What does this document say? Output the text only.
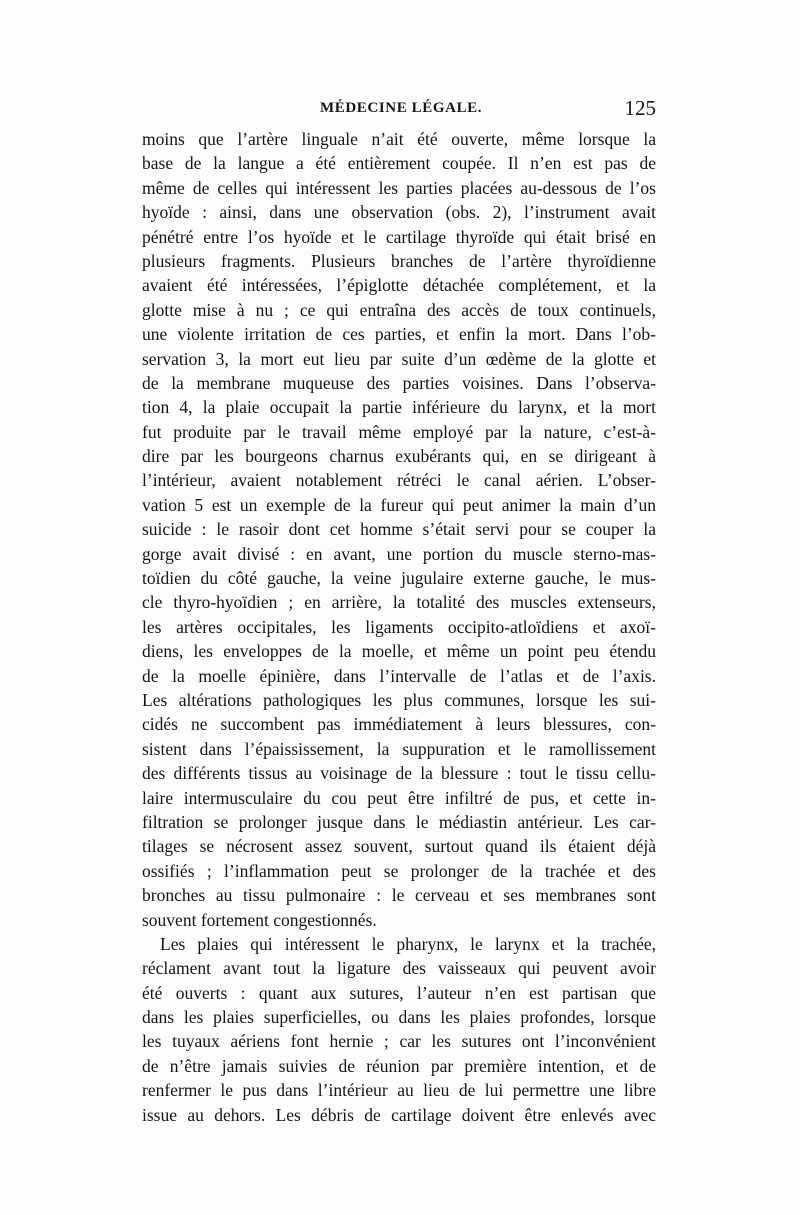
MÉDECINE LÉGALE.	125
moins que l’artère linguale n’ait été ouverte, même lorsque la
base de la langue a été entièrement coupée. Il n’en est pas de
même de celles qui intéressent les parties placées au-dessous de l’os
hyoïde : ainsi, dans une observation (obs. 2), l’instrument avait
pénétré entre l’os hyoïde et le cartilage thyroïde qui était brisé en
plusieurs fragments. Plusieurs branches de l’artère thyroïdienne
avaient été intéressées, l’épiglotte détachée complétement, et la
glotte mise à nu ; ce qui entraîna des accès de toux continuels,
une violente irritation de ces parties, et enfin la mort. Dans l’ob-
servation 3, la mort eut lieu par suite d’un œdème de la glotte et
de la membrane muqueuse des parties voisines. Dans l’observa-
tion 4, la plaie occupait la partie inférieure du larynx, et la mort
fut produite par le travail même employé par la nature, c’est-à-
dire par les bourgeons charnus exubérants qui, en se dirigeant à
l’intérieur, avaient notablement rétréci le canal aérien. L’obser-
vation 5 est un exemple de la fureur qui peut animer la main d’un
suicide : le rasoir dont cet homme s’était servi pour se couper la
gorge avait divisé : en avant, une portion du muscle sterno-mas-
toïdien du côté gauche, la veine jugulaire externe gauche, le mus-
cle thyro-hyoïdien ; en arrière, la totalité des muscles extenseurs,
les artères occipitales, les ligaments occipito-atloïdiens et axoï-
diens, les enveloppes de la moelle, et même un point peu étendu
de la moelle épinière, dans l’intervalle de l’atlas et de l’axis.
Les altérations pathologiques les plus communes, lorsque les sui-
cidés ne succombent pas immédiatement à leurs blessures, con-
sistent dans l’épaississement, la suppuration et le ramollissement
des différents tissus au voisinage de la blessure : tout le tissu cellu-
laire intermusculaire du cou peut être infiltré de pus, et cette in-
filtration se prolonger jusque dans le médiastin antérieur. Les car-
tilages se nécrosent assez souvent, surtout quand ils étaient déjà
ossifiés ; l’inflammation peut se prolonger de la trachée et des
bronches au tissu pulmonaire : le cerveau et ses membranes sont
souvent fortement congestionnés.
Les plaies qui intéressent le pharynx, le larynx et la trachée,
réclament avant tout la ligature des vaisseaux qui peuvent avoir
été ouverts : quant aux sutures, l’auteur n’en est partisan que
dans les plaies superficielles, ou dans les plaies profondes, lorsque
les tuyaux aériens font hernie ; car les sutures ont l’inconvénient
de n’être jamais suivies de réunion par première intention, et de
renfermer le pus dans l’intérieur au lieu de lui permettre une libre
issue au dehors. Les débris de cartilage doivent être enlevés avec
